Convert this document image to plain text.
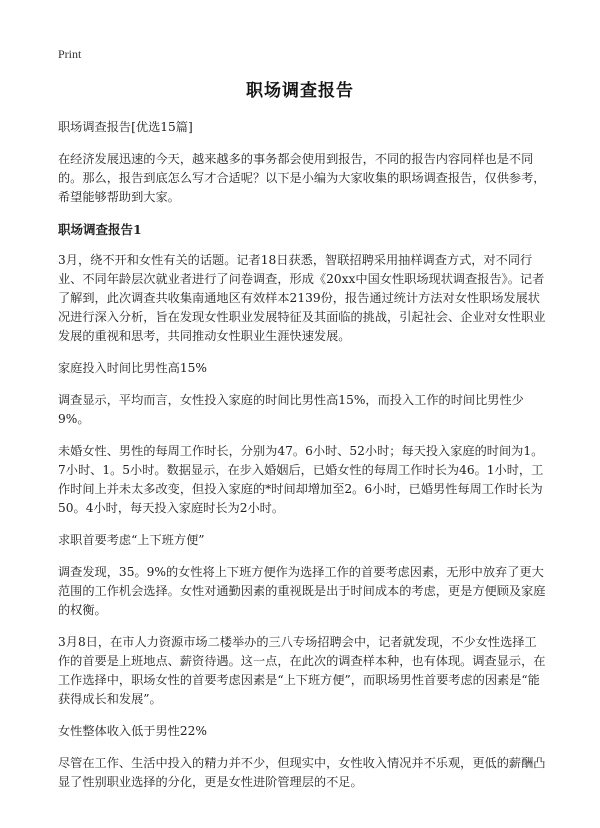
Print
职场调查报告

职场调查报告[优选15篇]

在经济发展迅速的今天，越来越多的事务都会使用到报告，不同的报告内容同样也是不同的。那么，报告到底怎么写才合适呢？以下是小编为大家收集的职场调查报告，仅供参考，希望能够帮助到大家。

职场调查报告1

3月，绕不开和女性有关的话题。记者18日获悉，智联招聘采用抽样调查方式，对不同行业、不同年龄层次就业者进行了问卷调查，形成《20xx中国女性职场现状调查报告》。记者了解到，此次调查共收集南通地区有效样本2139份，报告通过统计方法对女性职场发展状况进行深入分析，旨在发现女性职业发展特征及其面临的挑战，引起社会、企业对女性职业发展的重视和思考，共同推动女性职业生涯快速发展。

家庭投入时间比男性高15%

调查显示，平均而言，女性投入家庭的时间比男性高15%，而投入工作的时间比男性少9%。

未婚女性、男性的每周工作时长，分别为47。6小时、52小时；每天投入家庭的时间为1。7小时、1。5小时。数据显示，在步入婚姻后，已婚女性的每周工作时长为46。1小时，工作时间上并未太多改变，但投入家庭的*时间却增加至2。6小时，已婚男性每周工作时长为50。4小时，每天投入家庭时长为2小时。

求职首要考虑“上下班方便”

调查发现，35。9%的女性将上下班方便作为选择工作的首要考虑因素，无形中放弃了更大范围的工作机会选择。女性对通勤因素的重视既是出于时间成本的考虑，更是方便顾及家庭的权衡。

3月8日，在市人力资源市场二楼举办的三八专场招聘会中，记者就发现，不少女性选择工作的首要是上班地点、薪资待遇。这一点，在此次的调查样本种，也有体现。调查显示，在工作选择中，职场女性的首要考虑因素是“上下班方便”，而职场男性首要考虑的因素是“能获得成长和发展”。

女性整体收入低于男性22%

尽管在工作、生活中投入的精力并不少，但现实中，女性收入情况并不乐观，更低的薪酬凸显了性别职业选择的分化，更是女性进阶管理层的不足。
